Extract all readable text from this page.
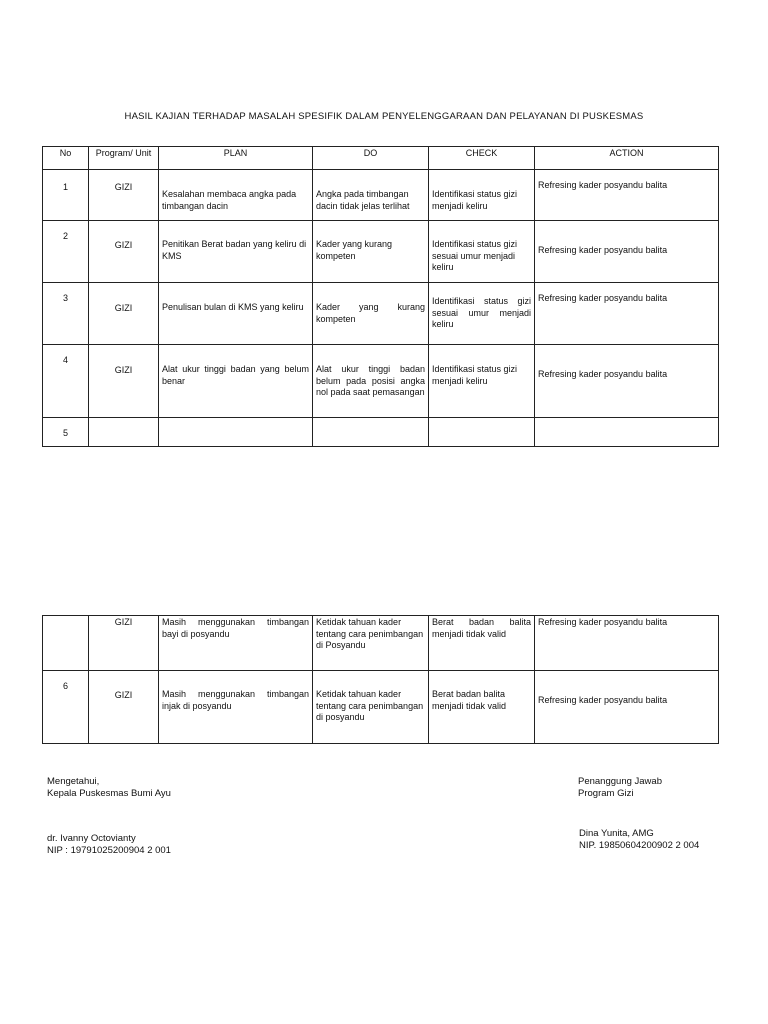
HASIL KAJIAN TERHADAP MASALAH SPESIFIK DALAM PENYELENGGARAAN DAN PELAYANAN DI PUSKESMAS
No	Program/ Unit	PLAN	DO	CHECK	ACTION
1	GIZI	Kesalahan membaca angka pada timbangan dacin	Angka pada timbangan dacin tidak jelas terlihat	Identifikasi status gizi menjadi keliru	Refresing kader posyandu balita
2	GIZI	Penitikan Berat badan yang keliru di KMS	Kader yang kurang kompeten	Identifikasi status gizi sesuai umur menjadi keliru	Refresing kader posyandu balita
3	GIZI	Penulisan bulan di KMS yang keliru	Kader yang kurang kompeten	Identifikasi status gizi sesuai umur menjadi keliru	Refresing kader posyandu balita
4	GIZI	Alat ukur tinggi badan yang belum benar	Alat ukur tinggi badan belum pada posisi angka nol pada saat pemasangan	Identifikasi status gizi menjadi keliru	Refresing kader posyandu balita
5					
	GIZI	Masih menggunakan timbangan bayi di posyandu	Ketidak tahuan kader tentang cara penimbangan di Posyandu	Berat badan balita menjadi tidak valid	Refresing kader posyandu balita
6	GIZI	Masih menggunakan timbangan injak di posyandu	Ketidak tahuan kader tentang cara penimbangan di posyandu	Berat badan balita menjadi tidak valid	Refresing kader posyandu balita
Mengetahui,
Kepala Puskesmas Bumi Ayu
dr. Ivanny Octovianty
NIP : 19791025200904 2 001
Penanggung Jawab
Program Gizi
Dina Yunita, AMG
NIP. 19850604200902 2 004
